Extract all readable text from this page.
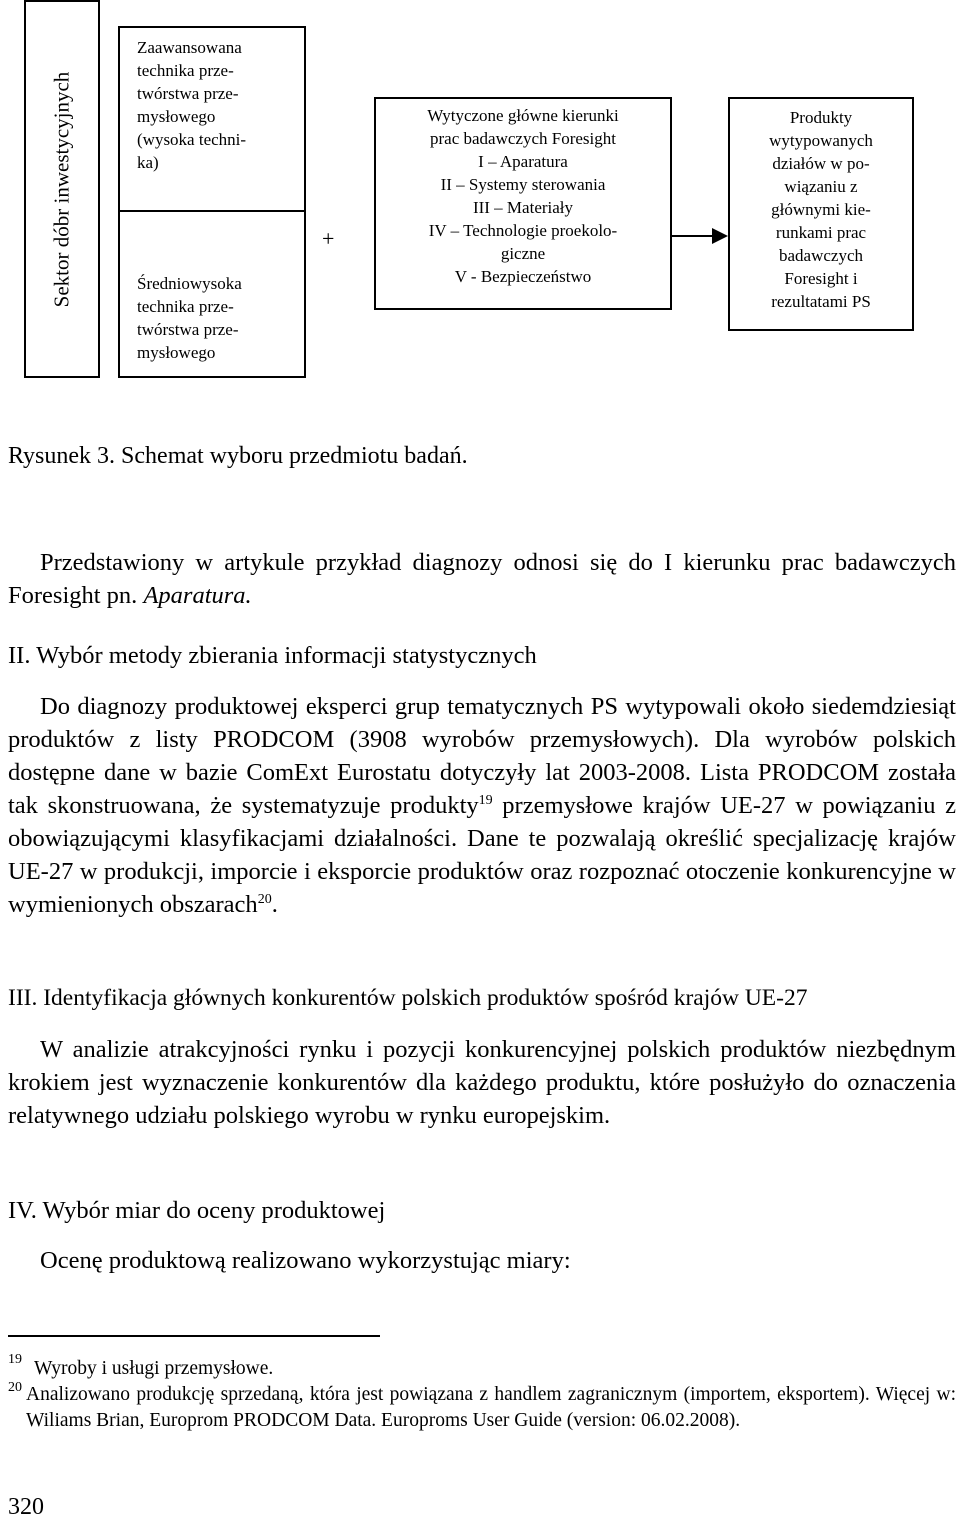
Sektor dóbr inwestycyjnych
Zaawansowana
technika prze-
twórstwa prze-
mysłowego
(wysoka techni-
ka)
Średniowysoka
technika prze-
twórstwa prze-
mysłowego
+
Wytyczone główne kierunki
prac badawczych Foresight
I – Aparatura
II – Systemy sterowania
III – Materiały
IV – Technologie proekolo-
giczne
V - Bezpieczeństwo
Produkty
wytypowanych
działów w po-
wiązaniu z
głównymi kie-
runkami prac
badawczych
Foresight i
rezultatami PS
Rysunek 3. Schemat wyboru przedmiotu badań.
Przedstawiony w artykule przykład diagnozy odnosi się do I kierunku prac badawczych Foresight pn. Aparatura.
II. Wybór metody zbierania informacji statystycznych
Do diagnozy produktowej eksperci grup tematycznych PS wytypowali około siedemdziesiąt produktów z listy PRODCOM (3908 wyrobów przemysłowych). Dla wyrobów polskich dostępne dane w bazie ComExt Eurostatu dotyczyły lat 2003-2008. Lista PRODCOM została tak skonstruowana, że systematyzuje produkty$^{19}$ przemysłowe krajów UE-27 w powiązaniu z obowiązującymi klasyfikacjami działalności. Dane te pozwalają określić specjalizację krajów UE-27 w produkcji, imporcie i eksporcie produktów oraz rozpoznać otoczenie konkurencyjne w wymienionych obszarach$^{20}$.
III. Identyfikacja głównych konkurentów polskich produktów spośród krajów UE-27
W analizie atrakcyjności rynku i pozycji konkurencyjnej polskich produktów niezbędnym krokiem jest wyznaczenie konkurentów dla każdego produktu, które posłużyło do oznaczenia relatywnego udziału polskiego wyrobu w rynku europejskim.
IV. Wybór miar do oceny produktowej
Ocenę produktową realizowano wykorzystując miary:
19 Wyroby i usługi przemysłowe.
20 Analizowano produkcję sprzedaną, która jest powiązana z handlem zagranicznym (importem, eksportem). Więcej w: Wiliams Brian, Europrom PRODCOM Data. Europroms User Guide (version: 06.02.2008).
320
